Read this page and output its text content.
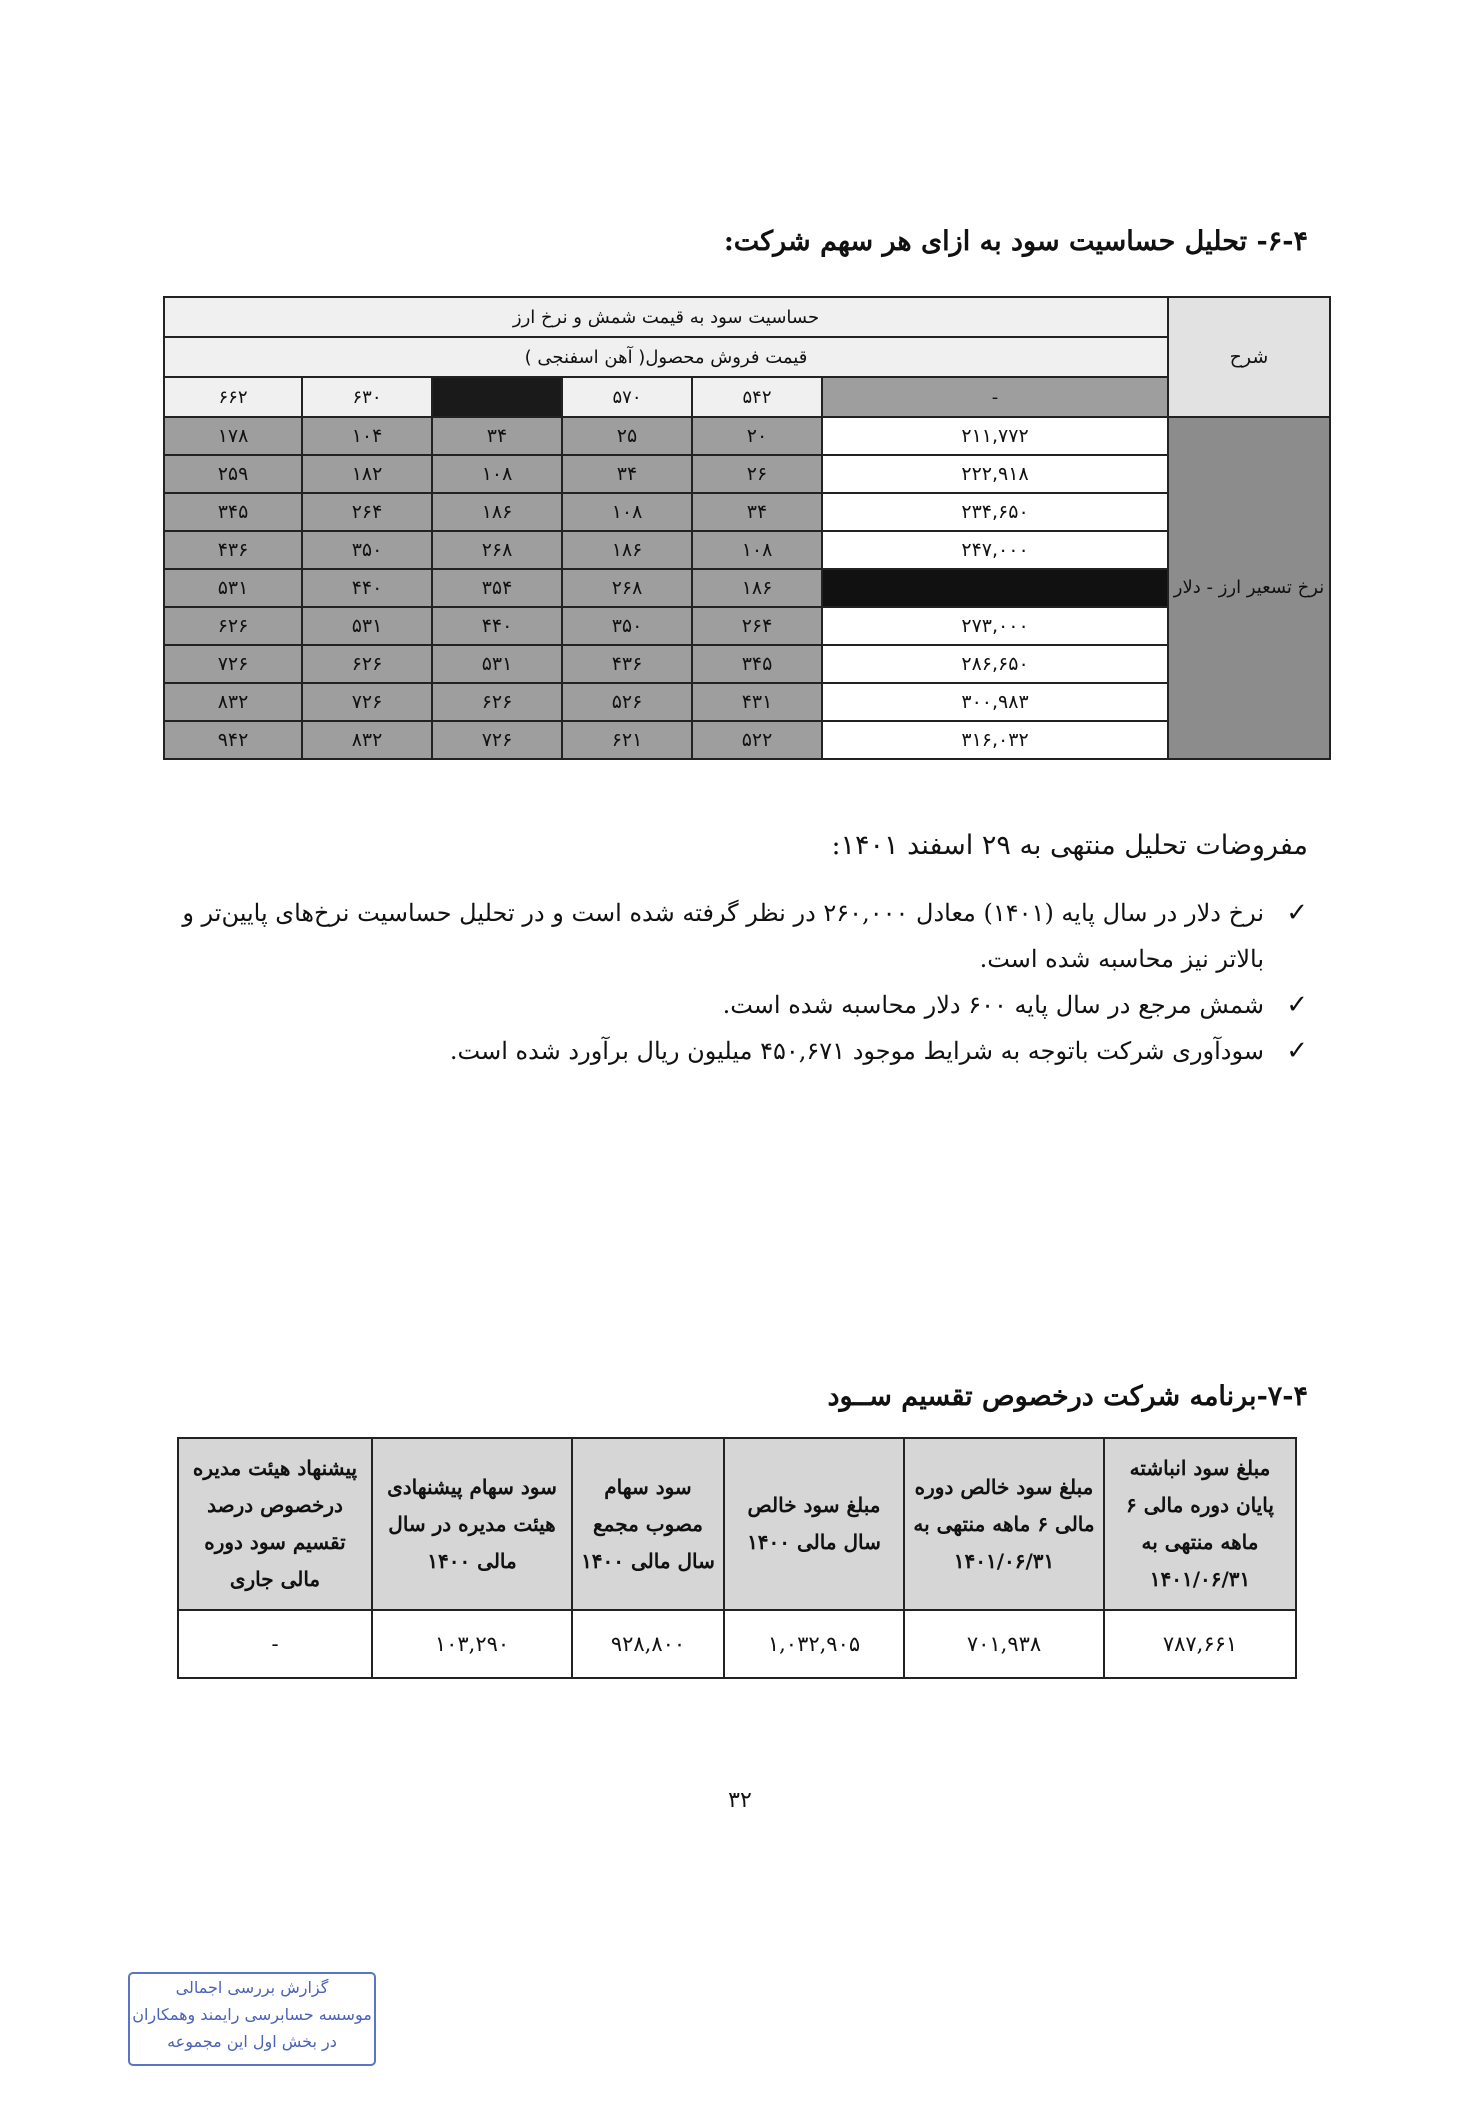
۶-۴- تحلیل حساسیت سود به ازای هر سهم شرکت:
شرح	حساسیت سود به قیمت شمش و نرخ ارز					
	قیمت فروش محصول( آهن اسفنجی )					
	-	۵۴۲	۵۷۰	۶۰۰	۶۳۰	۶۶۲
نرخ تسعیر ارز - دلار	۲۱۱,۷۷۲	۲۰	۲۵	۳۴	۱۰۴	۱۷۸
	۲۲۲,۹۱۸	۲۶	۳۴	۱۰۸	۱۸۲	۲۵۹
	۲۳۴,۶۵۰	۳۴	۱۰۸	۱۸۶	۲۶۴	۳۴۵
	۲۴۷,۰۰۰	۱۰۸	۱۸۶	۲۶۸	۳۵۰	۴۳۶
	۲۶۰,۰۰۰	۱۸۶	۲۶۸	۳۵۴	۴۴۰	۵۳۱
	۲۷۳,۰۰۰	۲۶۴	۳۵۰	۴۴۰	۵۳۱	۶۲۶
	۲۸۶,۶۵۰	۳۴۵	۴۳۶	۵۳۱	۶۲۶	۷۲۶
	۳۰۰,۹۸۳	۴۳۱	۵۲۶	۶۲۶	۷۲۶	۸۳۲
	۳۱۶,۰۳۲	۵۲۲	۶۲۱	۷۲۶	۸۳۲	۹۴۲
مفروضات تحلیل منتهی به ۲۹ اسفند ۱۴۰۱:
✓
نرخ دلار در سال پایه (۱۴۰۱) معادل ۲۶۰,۰۰۰ در نظر گرفته شده است و در تحلیل حساسیت نرخ‌های پایین‌تر و بالاتر نیز محاسبه شده است.
✓
شمش مرجع در سال پایه ۶۰۰ دلار محاسبه شده است.
✓
سودآوری شرکت باتوجه به شرایط موجود ۴۵۰,۶۷۱ میلیون ریال برآورد شده است.
۷-۴-برنامه شرکت درخصوص تقسیم ســود
مبلغ سود انباشته پایان دوره مالی ۶ ماهه منتهی به ۱۴۰۱/۰۶/۳۱	مبلغ سود خالص دوره مالی ۶ ماهه منتهی به ۱۴۰۱/۰۶/۳۱	مبلغ سود خالص سال مالی ۱۴۰۰	سود سهام مصوب مجمع سال مالی ۱۴۰۰	سود سهام پیشنهادی هیئت مدیره در سال مالی ۱۴۰۰	پیشنهاد هیئت مدیره درخصوص درصد تقسیم سود دوره مالی جاری
۷۸۷,۶۶۱	۷۰۱,۹۳۸	۱,۰۳۲,۹۰۵	۹۲۸,۸۰۰	۱۰۳,۲۹۰	-
۳۲
گزارش بررسی اجمالی
موسسه حسابرسی رایمند وهمکاران
در بخش اول این مجموعه
